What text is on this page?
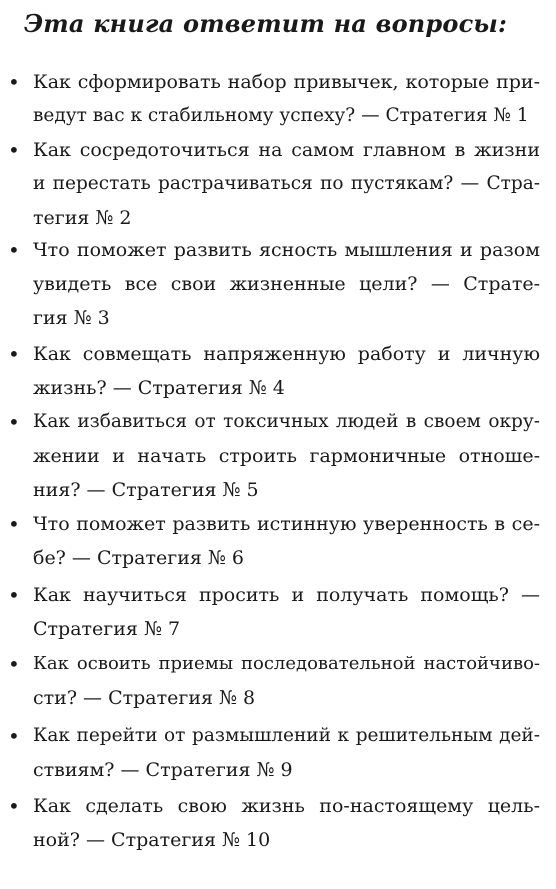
Эта книга ответит на вопросы:
• Как сформировать набор привычек, которые при-
ведут вас к стабильному успеху? — Стратегия № 1
• Как сосредоточиться на самом главном в жизни
и перестать растрачиваться по пустякам? — Стра-
тегия № 2
• Что поможет развить ясность мышления и разом
увидеть все свои жизненные цели? — Страте-
гия № 3
• Как совмещать напряженную работу и личную
жизнь? — Стратегия № 4
• Как избавиться от токсичных людей в своем окру-
жении и начать строить гармоничные отноше-
ния? — Стратегия № 5
• Что поможет развить истинную уверенность в се-
бе? — Стратегия № 6
• Как научиться просить и получать помощь? —
Стратегия № 7
• Как освоить приемы последовательной настойчиво-
сти? — Стратегия № 8
• Как перейти от размышлений к решительным дей-
ствиям? — Стратегия № 9
• Как сделать свою жизнь по-настоящему цель-
ной? — Стратегия № 10
